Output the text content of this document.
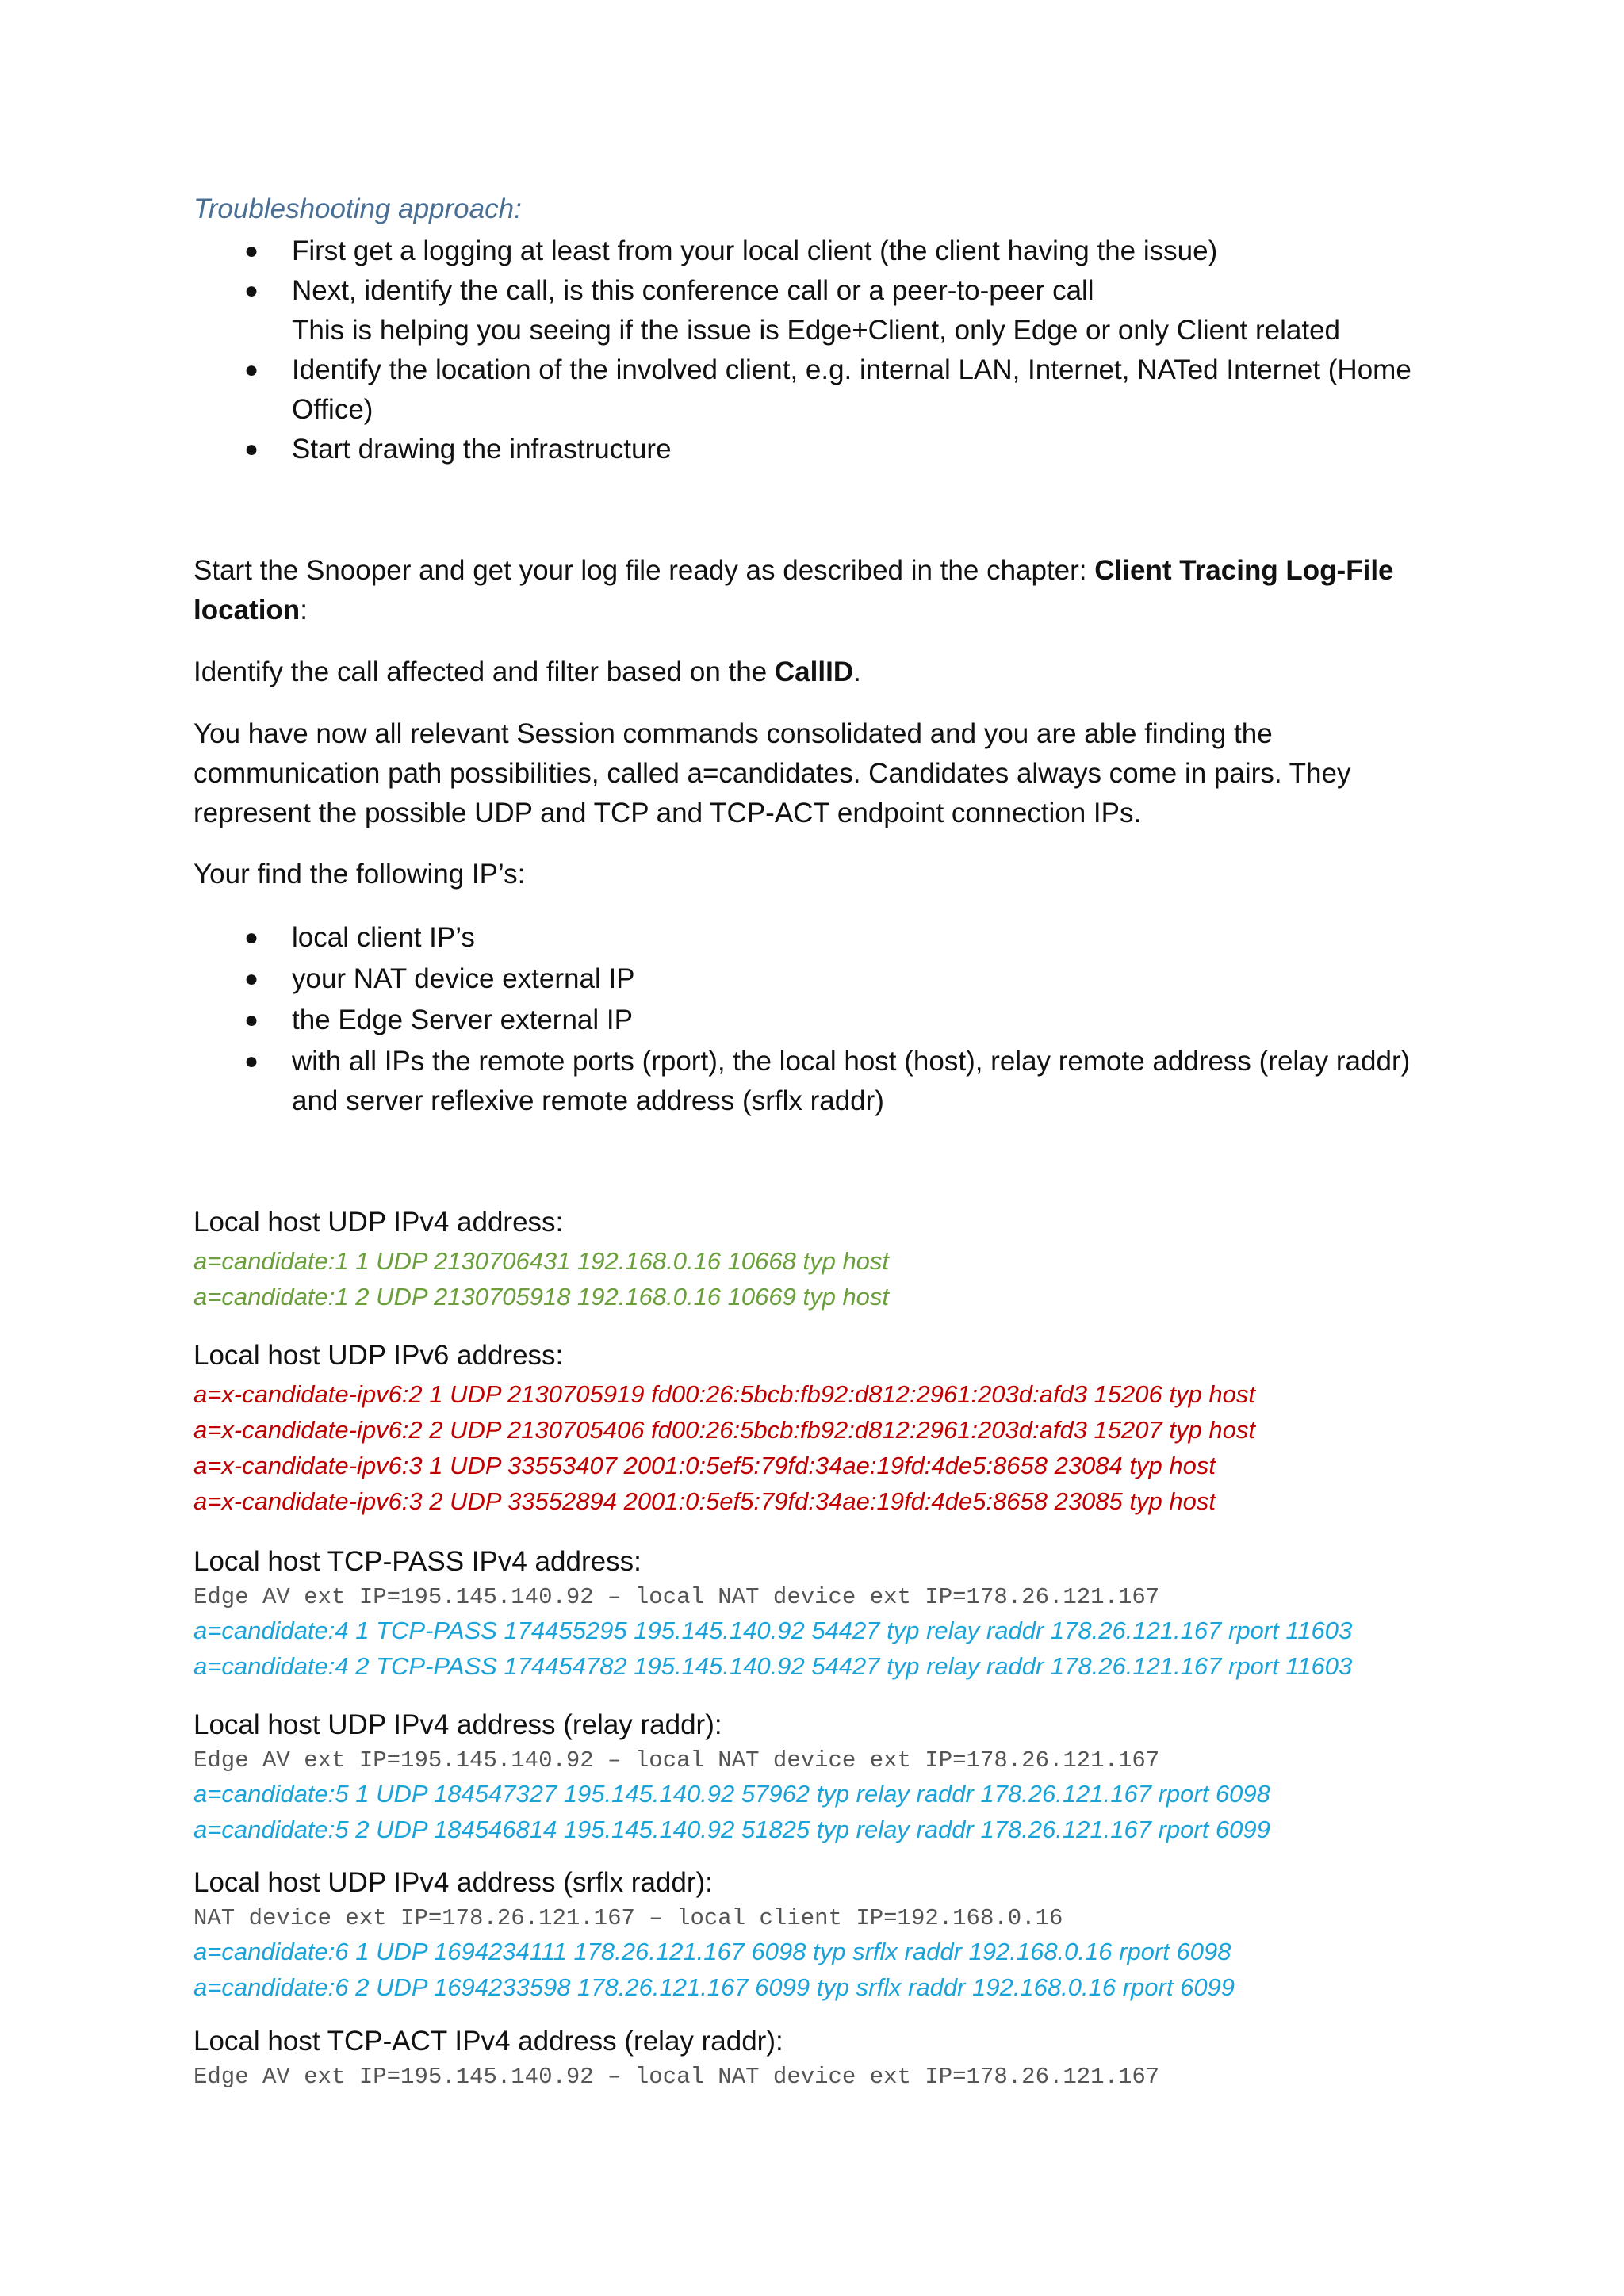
Troubleshooting approach:
● First get a logging at least from your local client (the client having the issue)
● Next, identify the call, is this conference call or a peer-to-peer call
This is helping you seeing if the issue is Edge+Client, only Edge or only Client related
● Identify the location of the involved client, e.g. internal LAN, Internet, NATed Internet (Home Office)
● Start drawing the infrastructure

Start the Snooper and get your log file ready as described in the chapter: Client Tracing Log-File location:

Identify the call affected and filter based on the CallID.

You have now all relevant Session commands consolidated and you are able finding the communication path possibilities, called a=candidates. Candidates always come in pairs. They represent the possible UDP and TCP and TCP-ACT endpoint connection IPs.

Your find the following IP’s:

● local client IP’s
● your NAT device external IP
● the Edge Server external IP
● with all IPs the remote ports (rport), the local host (host), relay remote address (relay raddr) and server reflexive remote address (srflx raddr)

Local host UDP IPv4 address:

a=candidate:1 1 UDP 2130706431 192.168.0.16 10668 typ host

a=candidate:1 2 UDP 2130705918 192.168.0.16 10669 typ host

Local host UDP IPv6 address:

a=x-candidate-ipv6:2 1 UDP 2130705919 fd00:26:5bcb:fb92:d812:2961:203d:afd3 15206 typ host

a=x-candidate-ipv6:2 2 UDP 2130705406 fd00:26:5bcb:fb92:d812:2961:203d:afd3 15207 typ host

a=x-candidate-ipv6:3 1 UDP 33553407 2001:0:5ef5:79fd:34ae:19fd:4de5:8658 23084 typ host

a=x-candidate-ipv6:3 2 UDP 33552894 2001:0:5ef5:79fd:34ae:19fd:4de5:8658 23085 typ host

Local host TCP-PASS IPv4 address:

Edge AV ext IP=195.145.140.92 – local NAT device ext IP=178.26.121.167

a=candidate:4 1 TCP-PASS 174455295 195.145.140.92 54427 typ relay raddr 178.26.121.167 rport 11603

a=candidate:4 2 TCP-PASS 174454782 195.145.140.92 54427 typ relay raddr 178.26.121.167 rport 11603

Local host UDP IPv4 address (relay raddr):

Edge AV ext IP=195.145.140.92 – local NAT device ext IP=178.26.121.167

a=candidate:5 1 UDP 184547327 195.145.140.92 57962 typ relay raddr 178.26.121.167 rport 6098

a=candidate:5 2 UDP 184546814 195.145.140.92 51825 typ relay raddr 178.26.121.167 rport 6099

Local host UDP IPv4 address (srflx raddr):

NAT device ext IP=178.26.121.167 – local client IP=192.168.0.16

a=candidate:6 1 UDP 1694234111 178.26.121.167 6098 typ srflx raddr 192.168.0.16 rport 6098

a=candidate:6 2 UDP 1694233598 178.26.121.167 6099 typ srflx raddr 192.168.0.16 rport 6099

Local host TCP-ACT IPv4 address (relay raddr):

Edge AV ext IP=195.145.140.92 – local NAT device ext IP=178.26.121.167
